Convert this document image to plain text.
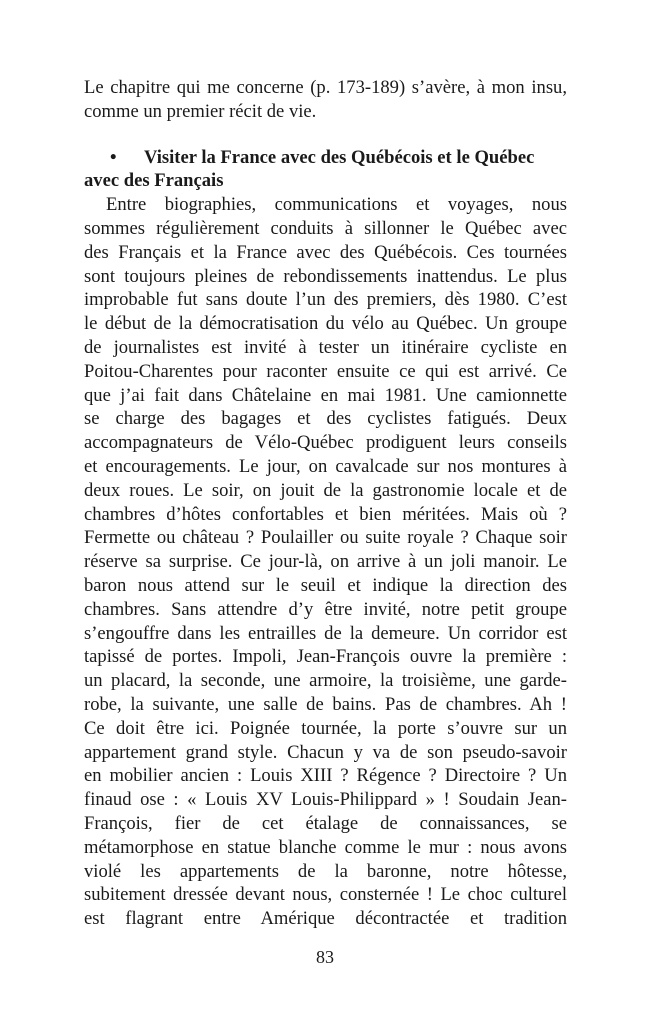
Le chapitre qui me concerne (p. 173-189) s’avère, à mon insu,
comme un premier récit de vie.
•	Visiter la France avec des Québécois et le Québec
avec des Français
Entre biographies, communications et voyages, nous
sommes régulièrement conduits à sillonner le Québec avec
des Français et la France avec des Québécois. Ces tournées
sont toujours pleines de rebondissements inattendus. Le plus
improbable fut sans doute l’un des premiers, dès 1980. C’est
le début de la démocratisation du vélo au Québec. Un groupe
de journalistes est invité à tester un itinéraire cycliste en
Poitou-Charentes pour raconter ensuite ce qui est arrivé. Ce
que j’ai fait dans Châtelaine en mai 1981. Une camionnette
se charge des bagages et des cyclistes fatigués. Deux
accompagnateurs de Vélo-Québec prodiguent leurs conseils
et encouragements. Le jour, on cavalcade sur nos montures à
deux roues. Le soir, on jouit de la gastronomie locale et de
chambres d’hôtes confortables et bien méritées. Mais où ?
Fermette ou château ? Poulailler ou suite royale ? Chaque soir
réserve sa surprise. Ce jour-là, on arrive à un joli manoir. Le
baron nous attend sur le seuil et indique la direction des
chambres. Sans attendre d’y être invité, notre petit groupe
s’engouffre dans les entrailles de la demeure. Un corridor est
tapissé de portes. Impoli, Jean-François ouvre la première :
un placard, la seconde, une armoire, la troisième, une garde-
robe, la suivante, une salle de bains. Pas de chambres. Ah !
Ce doit être ici. Poignée tournée, la porte s’ouvre sur un
appartement grand style. Chacun y va de son pseudo-savoir
en mobilier ancien : Louis XIII ? Régence ? Directoire ? Un
finaud ose : « Louis XV Louis-Philippard » ! Soudain Jean-
François, fier de cet étalage de connaissances, se
métamorphose en statue blanche comme le mur : nous avons
violé les appartements de la baronne, notre hôtesse,
subitement dressée devant nous, consternée ! Le choc culturel
est flagrant entre Amérique décontractée et tradition
83
